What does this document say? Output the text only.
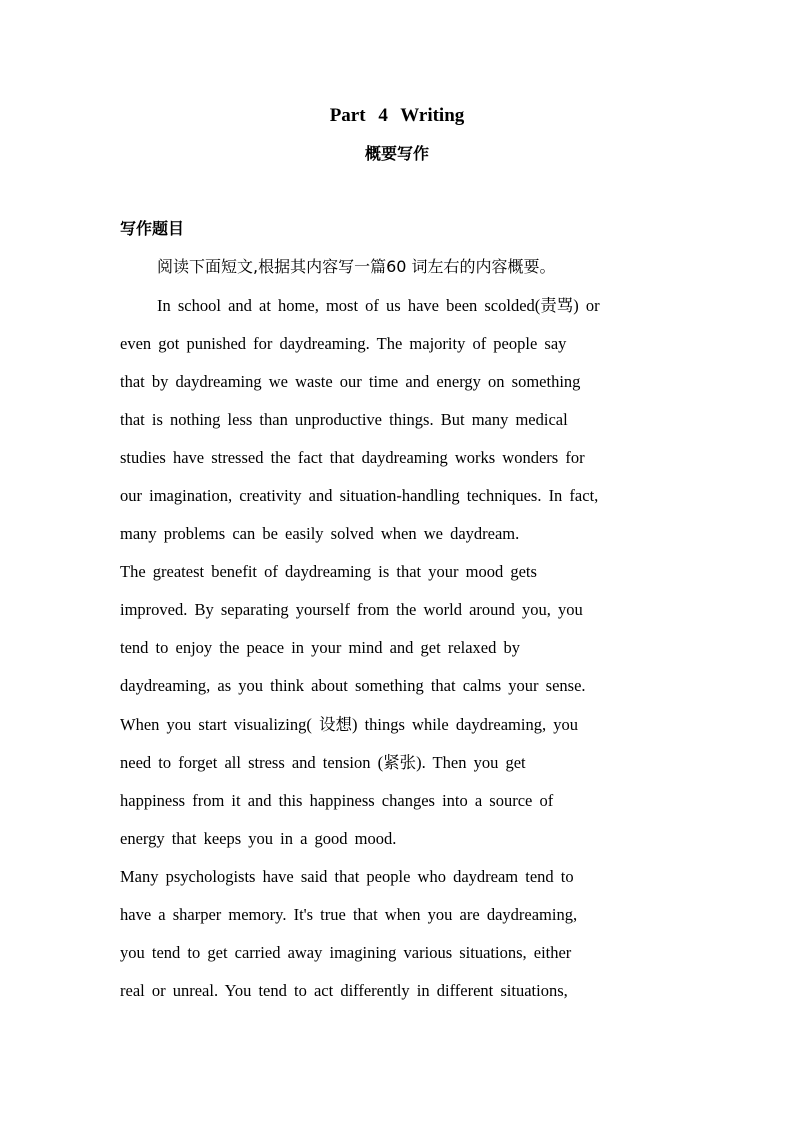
Part 4 Writing
概要写作
写作题目
阅读下面短文,根据其内容写一篇60 词左右的内容概要。
In school and at home, most of us have been scolded(责骂) or
even got punished for daydreaming. The majority of people say
that by daydreaming we waste our time and energy on something
that is nothing less than unproductive things. But many medical
studies have stressed the fact that daydreaming works wonders for
our imagination, creativity and situation-handling techniques. In fact,
many problems can be easily solved when we daydream.
The greatest benefit of daydreaming is that your mood gets
improved. By separating yourself from the world around you, you
tend to enjoy the peace in your mind and get relaxed by
daydreaming, as you think about something that calms your sense.
When you start visualizing( 设想) things while daydreaming, you
need to forget all stress and tension (紧张). Then you get
happiness from it and this happiness changes into a source of
energy that keeps you in a good mood.
Many psychologists have said that people who daydream tend to
have a sharper memory. It's true that when you are daydreaming,
you tend to get carried away imagining various situations, either
real or unreal. You tend to act differently in different situations,
